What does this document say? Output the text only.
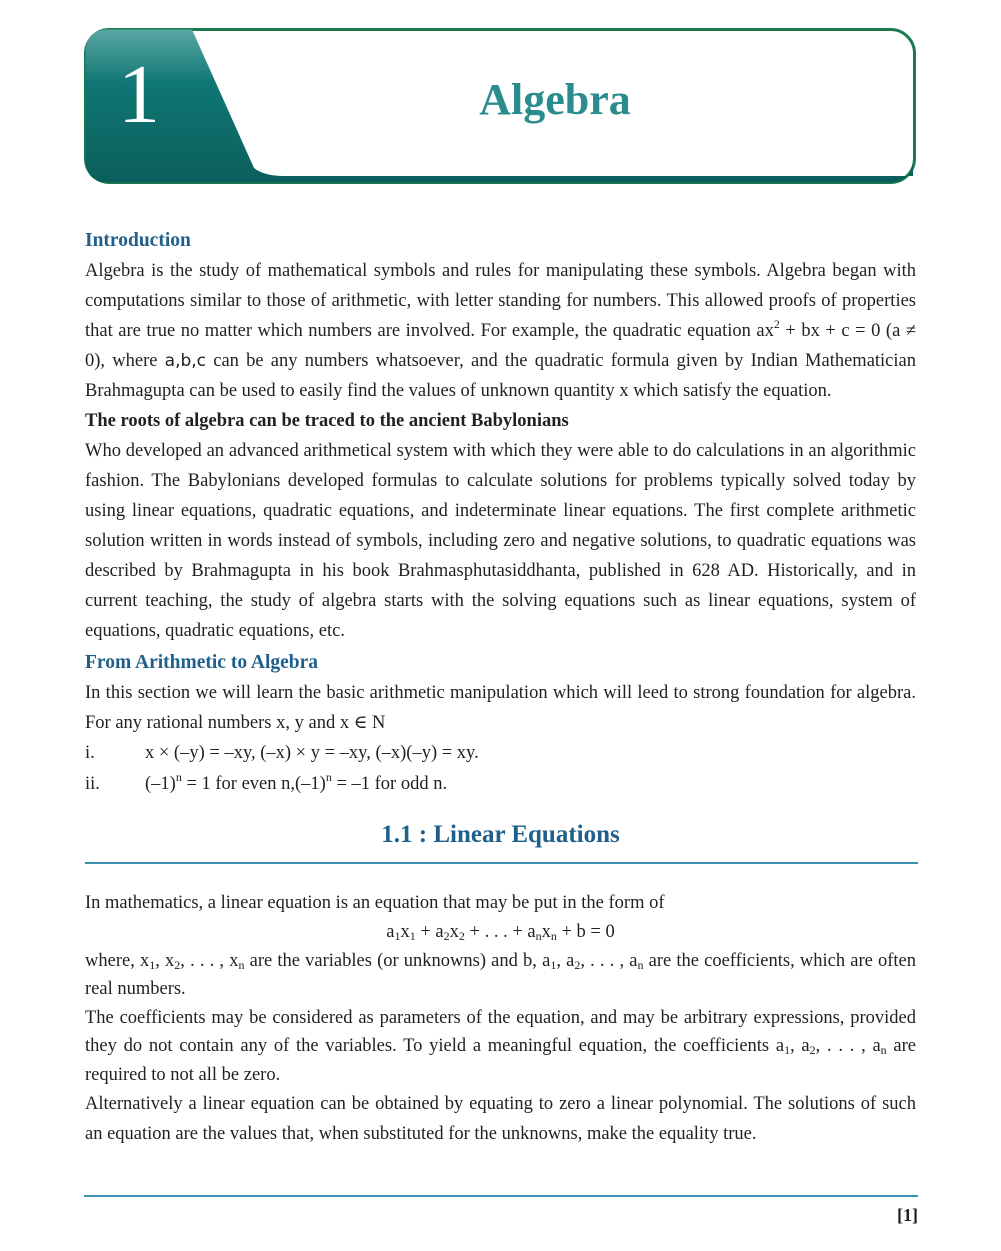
1	Algebra

Introduction

Algebra is the study of mathematical symbols and rules for manipulating these symbols. Algebra began with computations similar to those of arithmetic, with letter standing for numbers. This allowed proofs of properties that are true no matter which numbers are involved. For example, the quadratic equation $ax^2$ + bx + c = 0 (a ≠ 0), where a,b,c can be any numbers whatsoever, and the quadratic formula given by Indian Mathematician Brahmagupta can be used to easily find the values of unknown quantity x which satisfy the equation.

The roots of algebra can be traced to the ancient Babylonians

Who developed an advanced arithmetical system with which they were able to do calculations in an algorithmic fashion. The Babylonians developed formulas to calculate solutions for problems typically solved today by using linear equations, quadratic equations, and indeterminate linear equations. The first complete arithmetic solution written in words instead of symbols, including zero and negative solutions, to quadratic equations was described by Brahmagupta in his book Brahmasphutasiddhanta, published in 628 AD. Historically, and in current teaching, the study of algebra starts with the solving equations such as linear equations, system of equations, quadratic equations, etc.

From Arithmetic to Algebra

In this section we will learn the basic arithmetic manipulation which will leed to strong foundation for algebra. For any rational numbers x, y and x ∈ N

i.	x × (–y) = –xy, (–x) × y = –xy, (–x)(–y) = xy.
ii.	$(-1)^n = 1$ for even $n,(-1)^n = -1$ for odd n.
1.1 : Linear Equations

In mathematics, a linear equation is an equation that may be put in the form of

$a_1x_1 + a_2x_2$ + . . . + $a_nx_n + b = 0$

where, $x_1$, $x_2$, . . . , $x_n$ are the variables (or unknowns) and b, $a_1$, $a_2$, . . . , $a_n$ are the coefficients, which are often real numbers.

The coefficients may be considered as parameters of the equation, and may be arbitrary expressions, provided they do not contain any of the variables. To yield a meaningful equation, the coefficients $a_1$, $a_2$, . . . , $a_n$ are required to not all be zero.

Alternatively a linear equation can be obtained by equating to zero a linear polynomial. The solutions of such an equation are the values that, when substituted for the unknowns, make the equality true.

[1]
